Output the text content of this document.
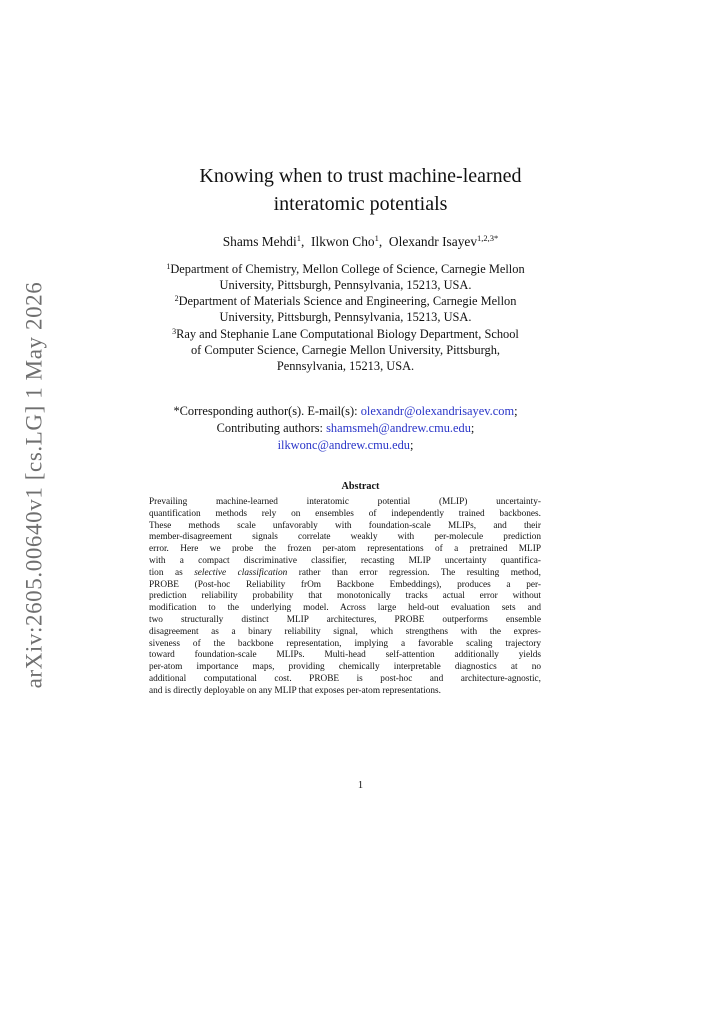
arXiv:2605.00640v1 [cs.LG] 1 May 2026
Knowing when to trust machine-learned
interatomic potentials
Shams Mehdi$^1$,  Ilkwon Cho$^1$,  Olexandr Isayev$^{1,2,3*}$
$^1$Department of Chemistry, Mellon College of Science, Carnegie Mellon
University, Pittsburgh, Pennsylvania, 15213, USA.
$^2$Department of Materials Science and Engineering, Carnegie Mellon
University, Pittsburgh, Pennsylvania, 15213, USA.
$^3$Ray and Stephanie Lane Computational Biology Department, School
of Computer Science, Carnegie Mellon University, Pittsburgh,
Pennsylvania, 15213, USA.
*Corresponding author(s). E-mail(s): olexandr@olexandrisayev.com;
Contributing authors: shamsmeh@andrew.cmu.edu;
ilkwonc@andrew.cmu.edu;
Abstract
Prevailing machine-learned interatomic potential (MLIP) uncertainty-
quantification methods rely on ensembles of independently trained backbones.
These methods scale unfavorably with foundation-scale MLIPs, and their
member-disagreement signals correlate weakly with per-molecule prediction
error. Here we probe the frozen per-atom representations of a pretrained MLIP
with a compact discriminative classifier, recasting MLIP uncertainty quantifica-
tion as selective classification rather than error regression. The resulting method,
PROBE (Post-hoc Reliability frOm Backbone Embeddings), produces a per-
prediction reliability probability that monotonically tracks actual error without
modification to the underlying model. Across large held-out evaluation sets and
two structurally distinct MLIP architectures, PROBE outperforms ensemble
disagreement as a binary reliability signal, which strengthens with the expres-
siveness of the backbone representation, implying a favorable scaling trajectory
toward foundation-scale MLIPs. Multi-head self-attention additionally yields
per-atom importance maps, providing chemically interpretable diagnostics at no
additional computational cost. PROBE is post-hoc and architecture-agnostic,
and is directly deployable on any MLIP that exposes per-atom representations.
1
